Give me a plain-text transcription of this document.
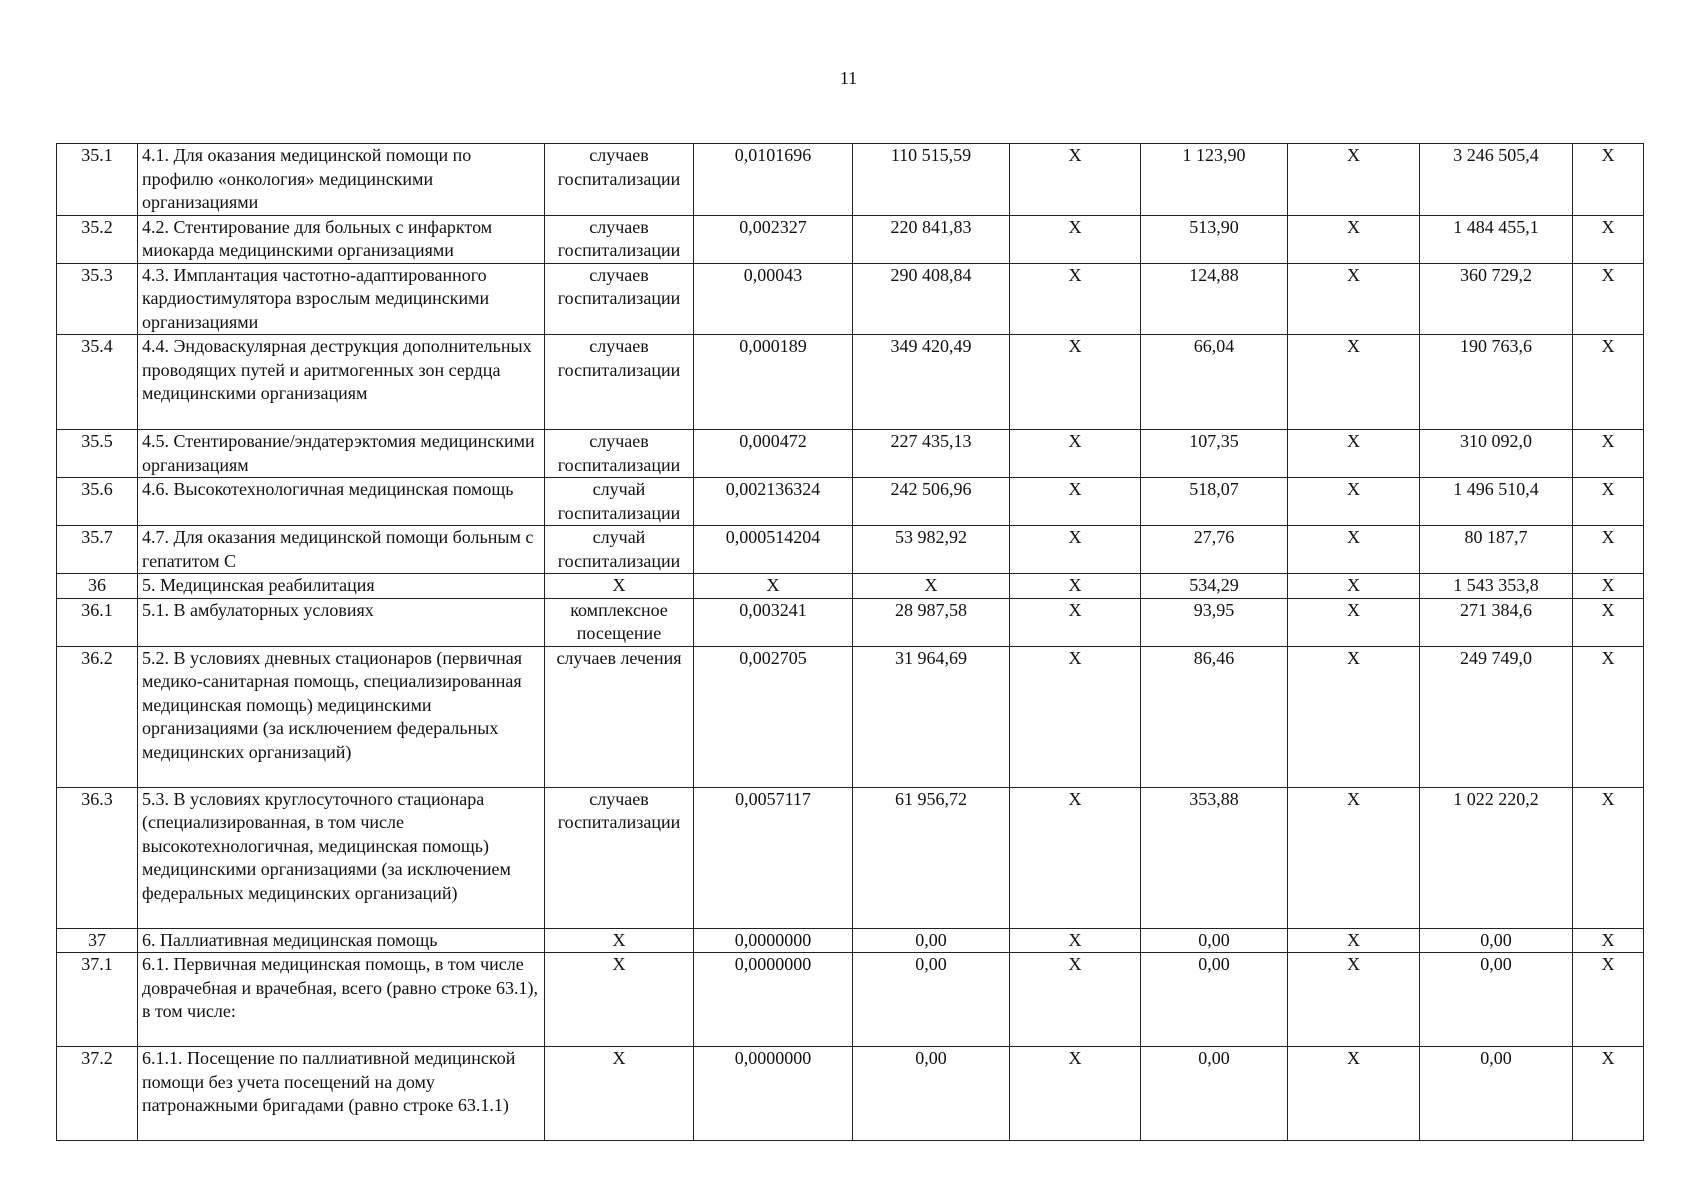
11
35.1	4.1. Для оказания медицинской помощи по профилю «онкология» медицинскими организациями	случаев госпитализации	0,0101696	110 515,59	Х	1 123,90	Х	3 246 505,4	Х
35.2	4.2. Стентирование для больных с инфарктом миокарда медицинскими организациями	случаев госпитализации	0,002327	220 841,83	Х	513,90	Х	1 484 455,1	Х
35.3	4.3. Имплантация частотно-адаптированного кардиостимулятора взрослым медицинскими организациями	случаев госпитализации	0,00043	290 408,84	Х	124,88	Х	360 729,2	Х
35.4	4.4. Эндоваскулярная деструкция дополнительных проводящих путей и аритмогенных зон сердца медицинскими организациям	случаев госпитализации	0,000189	349 420,49	Х	66,04	Х	190 763,6	Х
35.5	4.5. Стентирование/эндатерэктомия медицинскими организациям	случаев госпитализации	0,000472	227 435,13	Х	107,35	Х	310 092,0	Х
35.6	4.6. Высокотехнологичная медицинская помощь	случай госпитализации	0,002136324	242 506,96	Х	518,07	Х	1 496 510,4	Х
35.7	4.7. Для оказания медицинской помощи больным с гепатитом С	случай госпитализации	0,000514204	53 982,92	Х	27,76	Х	80 187,7	Х
36	5. Медицинская реабилитация	Х	Х	Х	Х	534,29	Х	1 543 353,8	Х
36.1	5.1. В амбулаторных условиях	комплексное посещение	0,003241	28 987,58	Х	93,95	Х	271 384,6	Х
36.2	5.2. В условиях дневных стационаров (первичная медико-санитарная помощь, специализированная медицинская помощь) медицинскими организациями (за исключением федеральных медицинских организаций)	случаев лечения	0,002705	31 964,69	Х	86,46	Х	249 749,0	Х
36.3	5.3. В условиях круглосуточного стационара (специализированная, в том числе высокотехнологичная, медицинская помощь) медицинскими организациями (за исключением федеральных медицинских организаций)	случаев госпитализации	0,0057117	61 956,72	Х	353,88	Х	1 022 220,2	Х
37	6. Паллиативная медицинская помощь	Х	0,0000000	0,00	Х	0,00	Х	0,00	Х
37.1	6.1. Первичная медицинская помощь, в том числе доврачебная и врачебная, всего (равно строке 63.1), в том числе:	Х	0,0000000	0,00	Х	0,00	Х	0,00	Х
37.2	6.1.1. Посещение по паллиативной медицинской помощи без учета посещений на дому патронажными бригадами (равно строке 63.1.1)	Х	0,0000000	0,00	Х	0,00	Х	0,00	Х
